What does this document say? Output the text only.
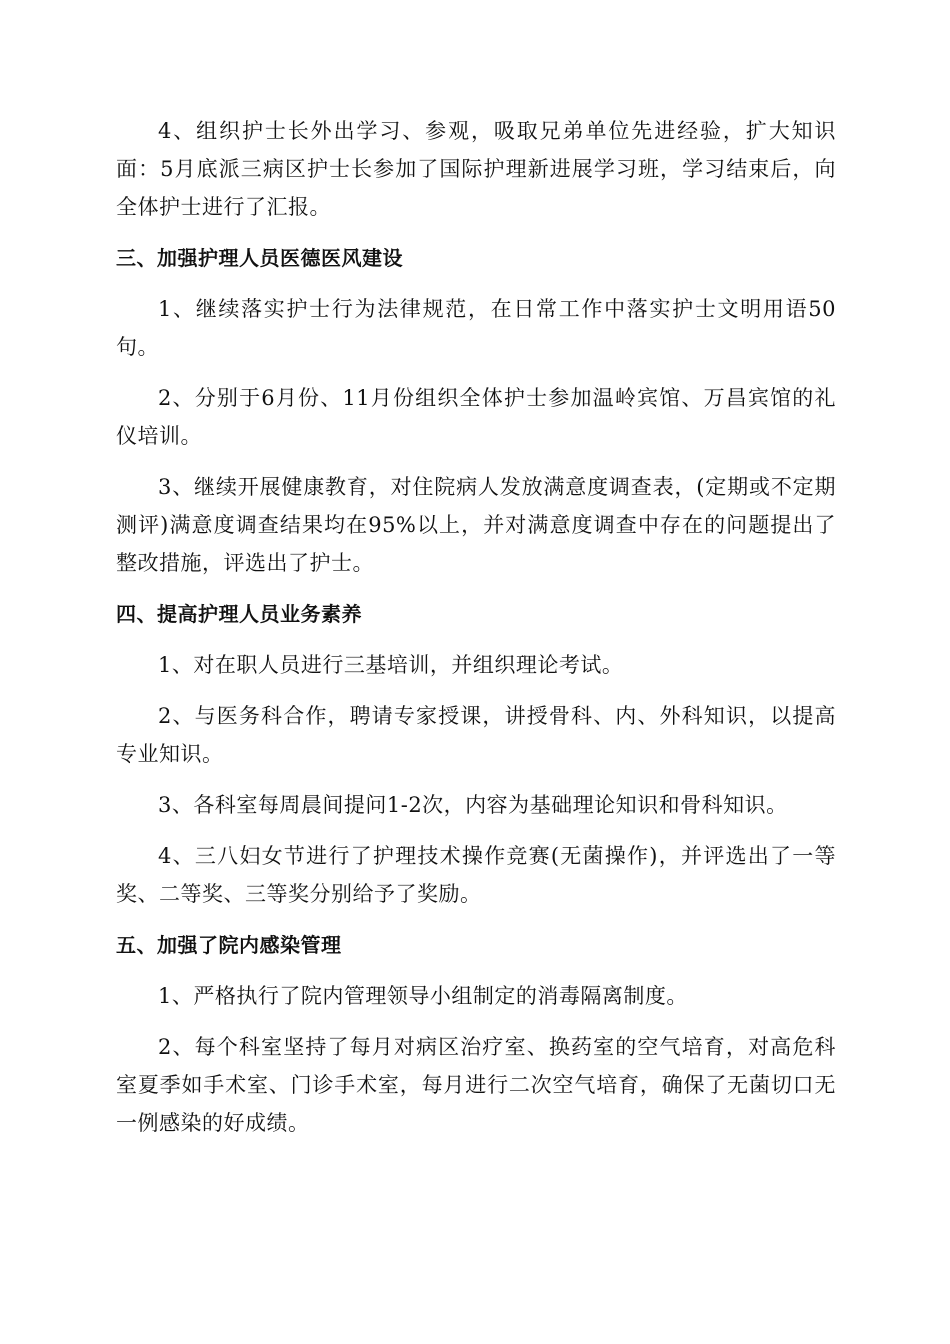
4、组织护士长外出学习、参观，吸取兄弟单位先进经验，扩大知识面：5月底派三病区护士长参加了国际护理新进展学习班，学习结束后，向全体护士进行了汇报。

三、加强护理人员医德医风建设

1、继续落实护士行为法律规范，在日常工作中落实护士文明用语50句。

2、分别于6月份、11月份组织全体护士参加温岭宾馆、万昌宾馆的礼仪培训。

3、继续开展健康教育，对住院病人发放满意度调查表，(定期或不定期测评)满意度调查结果均在95%以上，并对满意度调查中存在的问题提出了整改措施，评选出了护士。

四、提高护理人员业务素养

1、对在职人员进行三基培训，并组织理论考试。

2、与医务科合作，聘请专家授课，讲授骨科、内、外科知识，以提高专业知识。

3、各科室每周晨间提问1-2次，内容为基础理论知识和骨科知识。

4、三八妇女节进行了护理技术操作竞赛(无菌操作)，并评选出了一等奖、二等奖、三等奖分别给予了奖励。

五、加强了院内感染管理

1、严格执行了院内管理领导小组制定的消毒隔离制度。

2、每个科室坚持了每月对病区治疗室、换药室的空气培育，对高危科室夏季如手术室、门诊手术室，每月进行二次空气培育，确保了无菌切口无一例感染的好成绩。
